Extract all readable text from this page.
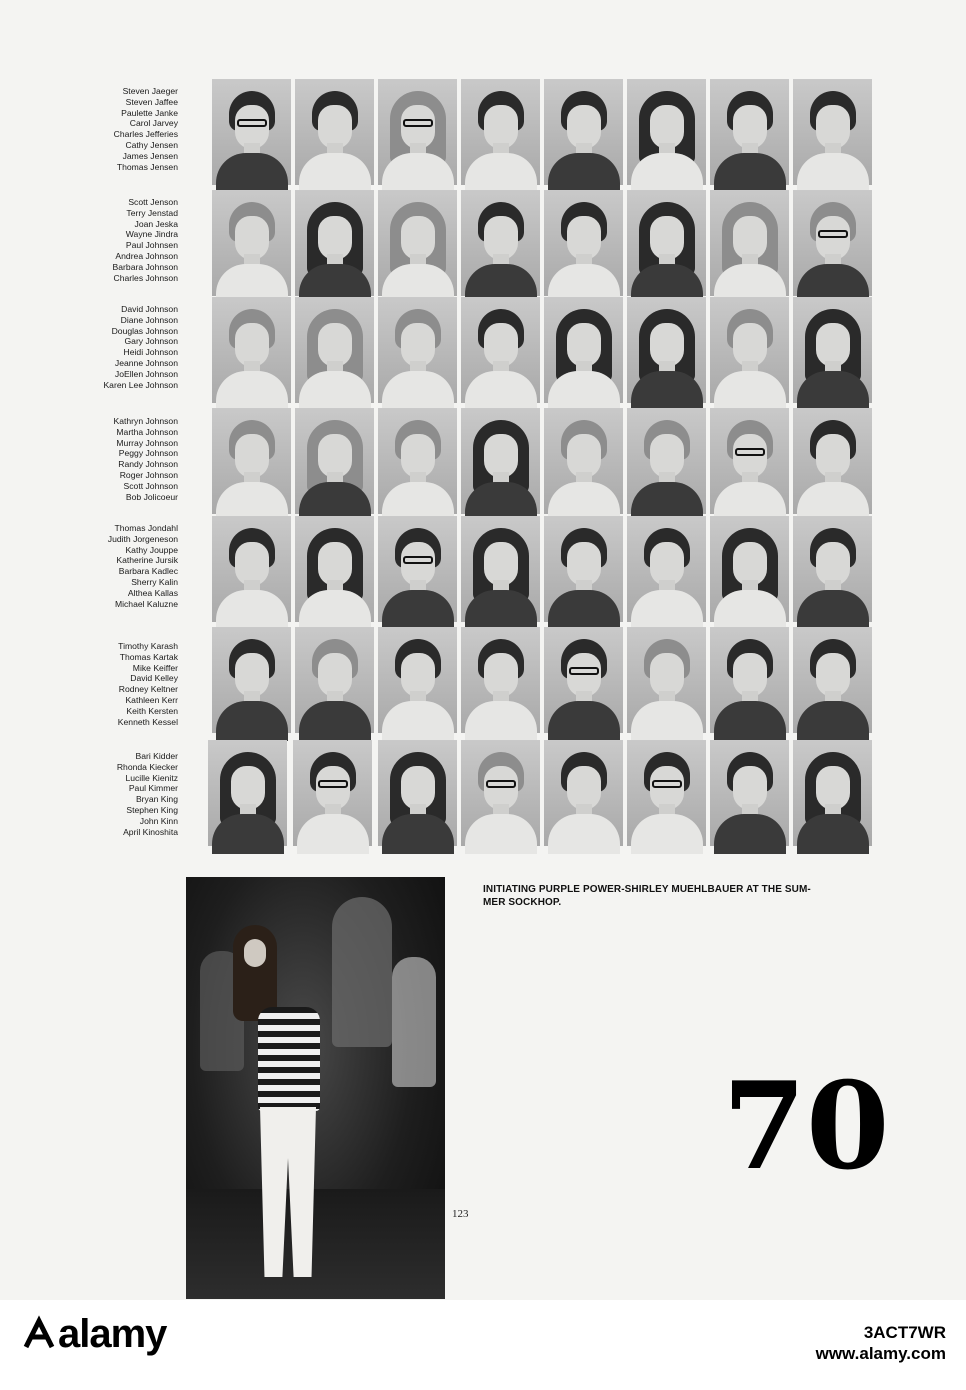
Steven Jaeger
Steven Jaffee
Paulette Janke
Carol Jarvey
Charles Jefferies
Cathy Jensen
James Jensen
Thomas Jensen
Scott Jenson
Terry Jenstad
Joan Jeska
Wayne Jindra
Paul Johnsen
Andrea Johnson
Barbara Johnson
Charles Johnson
David Johnson
Diane Johnson
Douglas Johnson
Gary Johnson
Heidi Johnson
Jeanne Johnson
JoEllen Johnson
Karen Lee Johnson
Kathryn Johnson
Martha Johnson
Murray Johnson
Peggy Johnson
Randy Johnson
Roger Johnson
Scott Johnson
Bob Jolicoeur
Thomas Jondahl
Judith Jorgeneson
Kathy Jouppe
Katherine Jursik
Barbara Kadlec
Sherry Kalin
Althea Kallas
Michael Kaluzne
Timothy Karash
Thomas Kartak
Mike Keiffer
David Kelley
Rodney Keltner
Kathleen Kerr
Keith Kersten
Kenneth Kessel
Bari Kidder
Rhonda Kiecker
Lucille Kienitz
Paul Kimmer
Bryan King
Stephen King
John Kinn
April Kinoshita
INITIATING PURPLE POWER-SHIRLEY MUEHLBAUER AT THE SUM-
MER SOCKHOP.
70
123
alamy	3ACT7WR
www.alamy.com
